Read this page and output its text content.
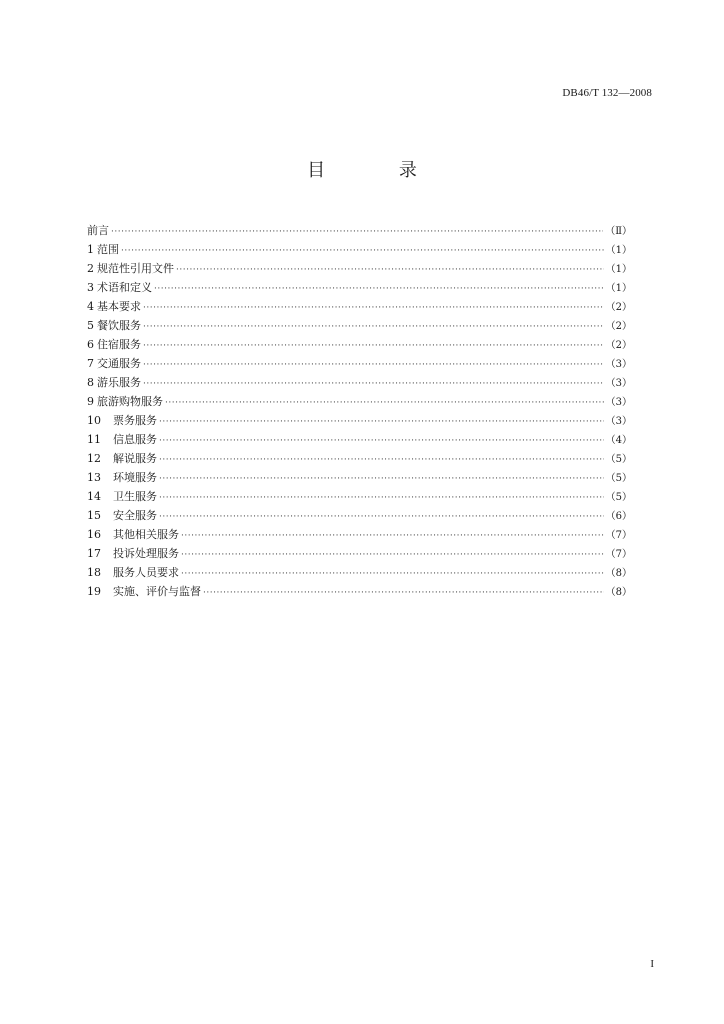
DB46/T 132—2008
目 录
前言 ·····	（Ⅱ）
1 范围 ·····	（1）
2 规范性引用文件 ·····	（1）
3 术语和定义 ·····	（1）
4 基本要求 ·····	（2）
5 餐饮服务 ·····	（2）
6 住宿服务 ·····	（2）
7 交通服务 ·····	（3）
8 游乐服务 ·····	（3）
9 旅游购物服务 ·····	（3）
10	票务服务 ·····	（3）
11	信息服务 ·····	（4）
12	解说服务 ·····	（5）
13	环境服务 ·····	（5）
14	卫生服务 ·····	（5）
15	安全服务 ·····	（6）
16	其他相关服务 ·····	（7）
17	投诉处理服务 ·····	（7）
18	服务人员要求 ·····	（8）
19	实施、评价与监督 ·····	（8）
I
